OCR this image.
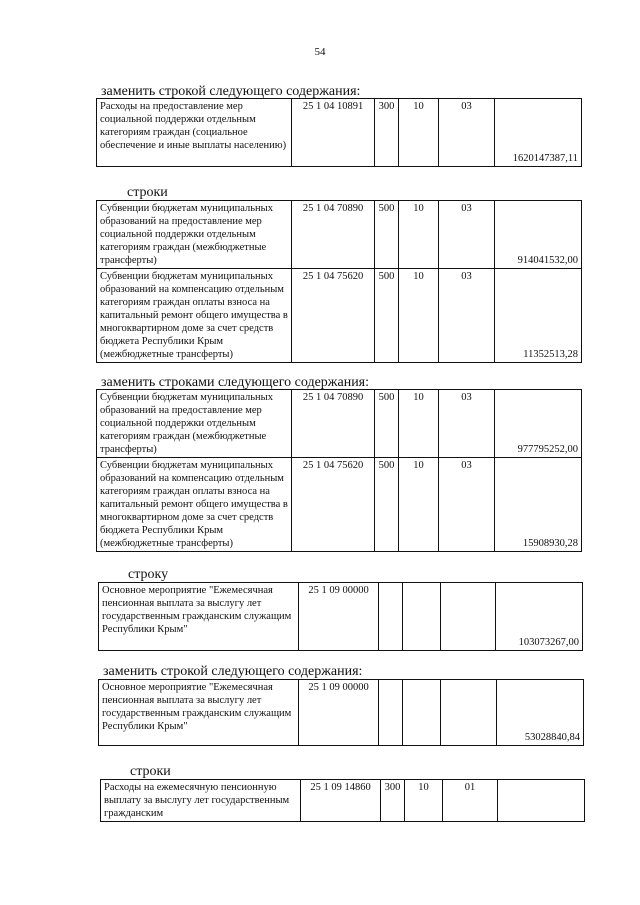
54
заменить строкой следующего содержания:
Расходы на предоставление мер социальной поддержки отдельным категориям граждан (социальное обеспечение и иные выплаты населению)	25 1 04 10891	300	10	03	1620147387,11
строки
Субвенции бюджетам муниципальных образований на предоставление мер социальной поддержки отдельным категориям граждан (межбюджетные трансферты)	25 1 04 70890	500	10	03	914041532,00
Субвенции бюджетам муниципальных образований на компенсацию отдельным категориям граждан оплаты взноса на капитальный ремонт общего имущества в многоквартирном доме за счет средств бюджета Республики Крым (межбюджетные трансферты)	25 1 04 75620	500	10	03	11352513,28
заменить строками следующего содержания:
Субвенции бюджетам муниципальных образований на предоставление мер социальной поддержки отдельным категориям граждан (межбюджетные трансферты)	25 1 04 70890	500	10	03	977795252,00
Субвенции бюджетам муниципальных образований на компенсацию отдельным категориям граждан оплаты взноса на капитальный ремонт общего имущества в многоквартирном доме за счет средств бюджета Республики Крым (межбюджетные трансферты)	25 1 04 75620	500	10	03	15908930,28
строку
Основное мероприятие "Ежемесячная пенсионная выплата за выслугу лет государственным гражданским служащим Республики Крым"	25 1 09 00000				103073267,00
заменить строкой следующего содержания:
Основное мероприятие "Ежемесячная пенсионная выплата за выслугу лет государственным гражданским служащим Республики Крым"	25 1 09 00000				53028840,84
строки
Расходы на ежемесячную пенсионную выплату за выслугу лет государственным гражданским	25 1 09 14860	300	10	01	
